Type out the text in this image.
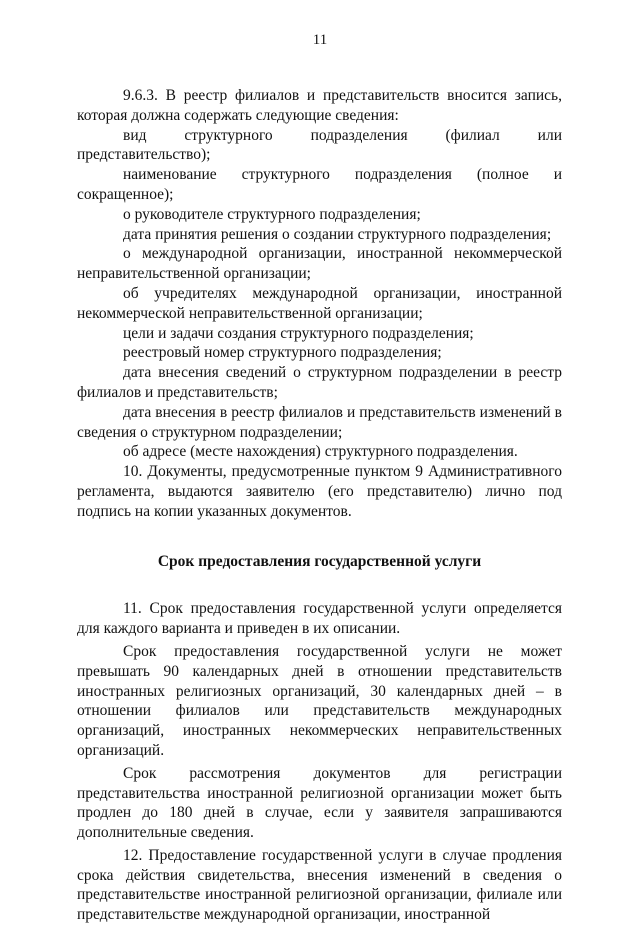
11

9.6.3. В реестр филиалов и представительств вносится запись, которая должна содержать следующие сведения:

вид структурного подразделения (филиал или представительство);

наименование структурного подразделения (полное и сокращенное);

о руководителе структурного подразделения;

дата принятия решения о создании структурного подразделения;

о международной организации, иностранной некоммерческой неправительственной организации;

об учредителях международной организации, иностранной некоммерческой неправительственной организации;

цели и задачи создания структурного подразделения;

реестровый номер структурного подразделения;

дата внесения сведений о структурном подразделении в реестр филиалов и представительств;

дата внесения в реестр филиалов и представительств изменений в сведения о структурном подразделении;

об адресе (месте нахождения) структурного подразделения.

10. Документы, предусмотренные пунктом 9 Административного регламента, выдаются заявителю (его представителю) лично под подпись на копии указанных документов.

Срок предоставления государственной услуги

11. Срок предоставления государственной услуги определяется для каждого варианта и приведен в их описании.

Срок предоставления государственной услуги не может превышать 90 календарных дней в отношении представительств иностранных религиозных организаций, 30 календарных дней – в отношении филиалов или представительств международных организаций, иностранных некоммерческих неправительственных организаций.

Срок рассмотрения документов для регистрации представительства иностранной религиозной организации может быть продлен до 180 дней в случае, если у заявителя запрашиваются дополнительные сведения.

12. Предоставление государственной услуги в случае продления срока действия свидетельства, внесения изменений в сведения о представительстве иностранной религиозной организации, филиале или представительстве международной организации, иностранной
